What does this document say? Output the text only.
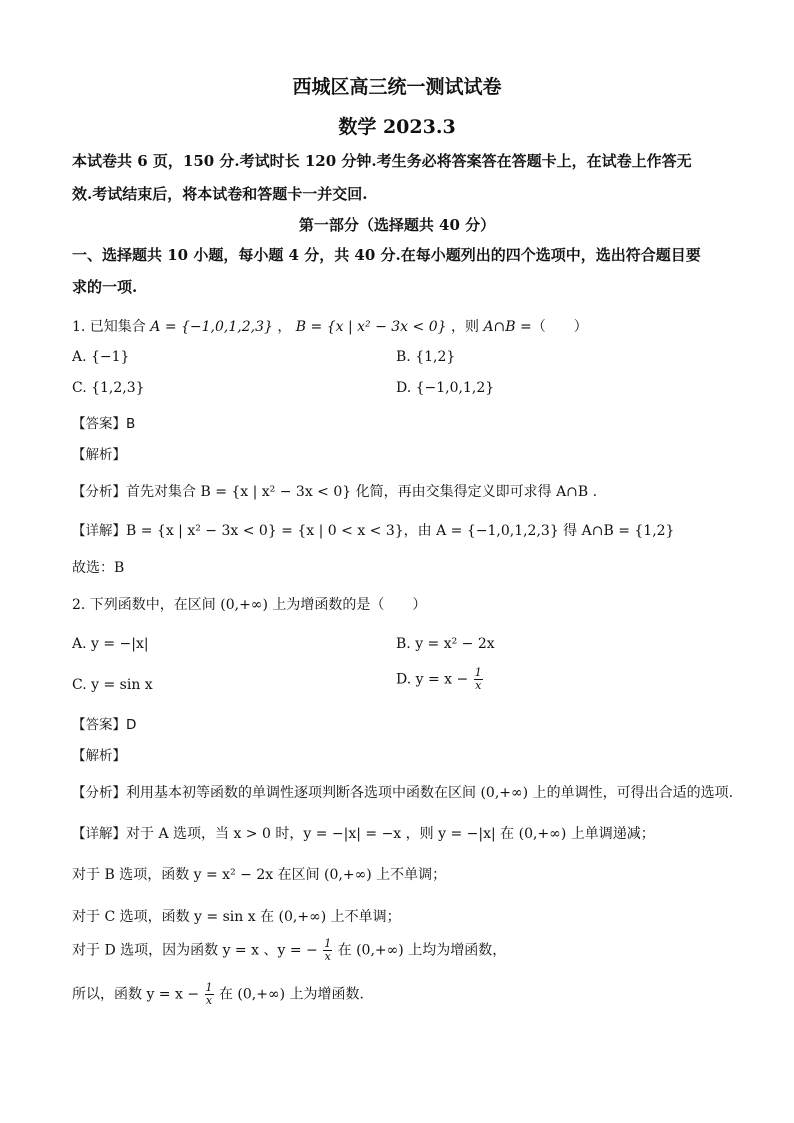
西城区高三统一测试试卷
数学 2023.3
本试卷共 6 页，150 分.考试时长 120 分钟.考生务必将答案答在答题卡上，在试卷上作答无
效.考试结束后，将本试卷和答题卡一并交回.
第一部分（选择题共 40 分）
一、选择题共 10 小题，每小题 4 分，共 40 分.在每小题列出的四个选项中，选出符合题目要
求的一项.
1. 已知集合 A = {−1,0,1,2,3} ， B = {x | x² − 3x < 0} ，则 A∩B =（　　）
A. {−1}	B. {1,2}
C. {1,2,3}	D. {−1,0,1,2}
【答案】B
【解析】
【分析】首先对集合 B = {x | x² − 3x < 0} 化简，再由交集得定义即可求得 A∩B .
【详解】B = {x | x² − 3x < 0} = {x | 0 < x < 3}，由 A = {−1,0,1,2,3} 得 A∩B = {1,2}
故选：B
2. 下列函数中，在区间 (0,+∞) 上为增函数的是（　　）
A. y = −|x|	B. y = x² − 2x
C. y = sin x	D. $y = x - \frac{1}{x}$
【答案】D
【解析】
【分析】利用基本初等函数的单调性逐项判断各选项中函数在区间 (0,+∞) 上的单调性，可得出合适的选项.
【详解】对于 A 选项，当 x > 0 时，y = −|x| = −x ，则 y = −|x| 在 (0,+∞) 上单调递减；
对于 B 选项，函数 y = x² − 2x 在区间 (0,+∞) 上不单调；
对于 C 选项，函数 y = sin x 在 (0,+∞) 上不单调；
对于 D 选项，因为函数 y = x 、y = − $\frac{1}{x}$ 在 (0,+∞) 上均为增函数，
所以，函数 $y = x - \frac{1}{x}$ 在 (0,+∞) 上为增函数.
